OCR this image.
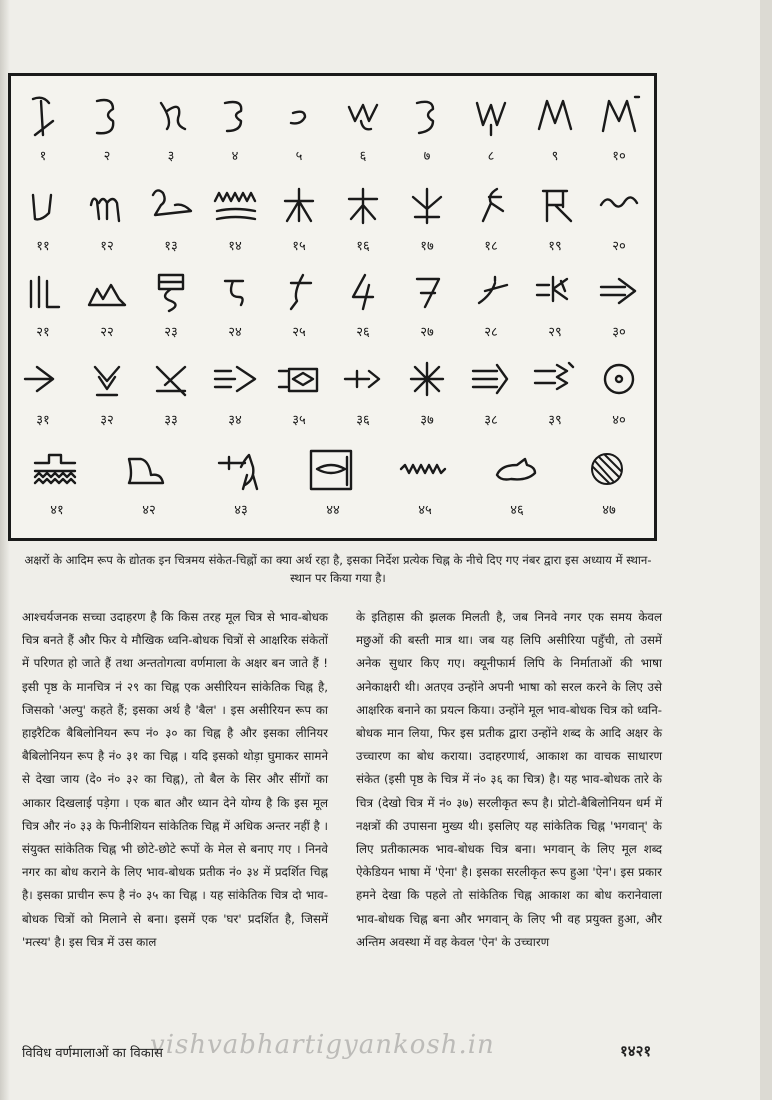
१	२	३	४	५	६	७	८	९	१०
११	१२	१३	१४	१५	१६	१७	१८	१९	२०
२१	२२	२३	२४	२५	२६	२७	२८	२९	३०
३१	३२	३३	३४	३५	३६	३७	३८	३९	४०
४१	४२	४३	४४	४५	४६	४७
अक्षरों के आदिम रूप के द्योतक इन चित्रमय संकेत-चिह्नों का क्या अर्थ रहा है, इसका निर्देश प्रत्येक चिह्न के नीचे दिए गए नंबर द्वारा इस अध्याय में स्थान-स्थान पर किया गया है।
आश्चर्यजनक सच्चा उदाहरण है कि किस तरह मूल चित्र से भाव-बोधक चित्र बनते हैं और फिर ये मौखिक ध्वनि-बोधक चित्रों से आक्षरिक संकेतों में परिणत हो जाते हैं तथा अन्ततोगत्वा वर्णमाला के अक्षर बन जाते हैं ! इसी पृष्ठ के मानचित्र नं २९ का चिह्न एक असीरियन सांकेतिक चिह्न है, जिसको 'अल्पु' कहते हैं; इसका अर्थ है 'बैल' । इस असीरियन रूप का हाइरैटिक बैबिलोनियन रूप नं० ३० का चिह्न है और इसका लीनियर बैबिलोनियन रूप है नं० ३१ का चिह्न । यदि इसको थोड़ा घुमाकर सामने से देखा जाय (दे० नं० ३२ का चिह्न), तो बैल के सिर और सींगों का आकार दिखलाई पड़ेगा । एक बात और ध्यान देने योग्य है कि इस मूल चित्र और नं० ३३ के फिनीशियन सांकेतिक चिह्न में अधिक अन्तर नहीं है । संयुक्त सांकेतिक चिह्न भी छोटे-छोटे रूपों के मेल से बनाए गए । निनवे नगर का बोध कराने के लिए भाव-बोधक प्रतीक नं० ३४ में प्रदर्शित चिह्न है। इसका प्राचीन रूप है नं० ३५ का चिह्न । यह सांकेतिक चित्र दो भाव-बोधक चित्रों को मिलाने से बना। इसमें एक 'घर' प्रदर्शित है, जिसमें 'मत्स्य' है। इस चित्र में उस काल
के इतिहास की झलक मिलती है, जब निनवे नगर एक समय केवल मछुओं की बस्ती मात्र था। जब यह लिपि असीरिया पहुँची, तो उसमें अनेक सुधार किए गए। क्यूनीफार्म लिपि के निर्माताओं की भाषा अनेकाक्षरी थी। अतएव उन्होंने अपनी भाषा को सरल करने के लिए उसे आक्षरिक बनाने का प्रयत्न किया। उन्होंने मूल भाव-बोधक चित्र को ध्वनि-बोधक मान लिया, फिर इस प्रतीक द्वारा उन्होंने शब्द के आदि अक्षर के उच्चारण का बोध कराया। उदाहरणार्थ, आकाश का वाचक साधारण संकेत (इसी पृष्ठ के चित्र में नं० ३६ का चित्र) है। यह भाव-बोधक तारे के चित्र (देखो चित्र में नं० ३७) सरलीकृत रूप है। प्रोटो-बैबिलोनियन धर्म में नक्षत्रों की उपासना मुख्य थी। इसलिए यह सांकेतिक चिह्न 'भगवान्' के लिए प्रतीकात्मक भाव-बोधक चित्र बना। भगवान् के लिए मूल शब्द ऐकेडियन भाषा में 'ऐना' है। इसका सरलीकृत रूप हुआ 'ऐन'। इस प्रकार हमने देखा कि पहले तो सांकेतिक चिह्न आकाश का बोध करानेवाला भाव-बोधक चिह्न बना और भगवान् के लिए भी वह प्रयुक्त हुआ, और अन्तिम अवस्था में वह केवल 'ऐन' के उच्चारण
विविध वर्णमालाओं का विकास
vishvabhartigyankosh.in	१४२१
